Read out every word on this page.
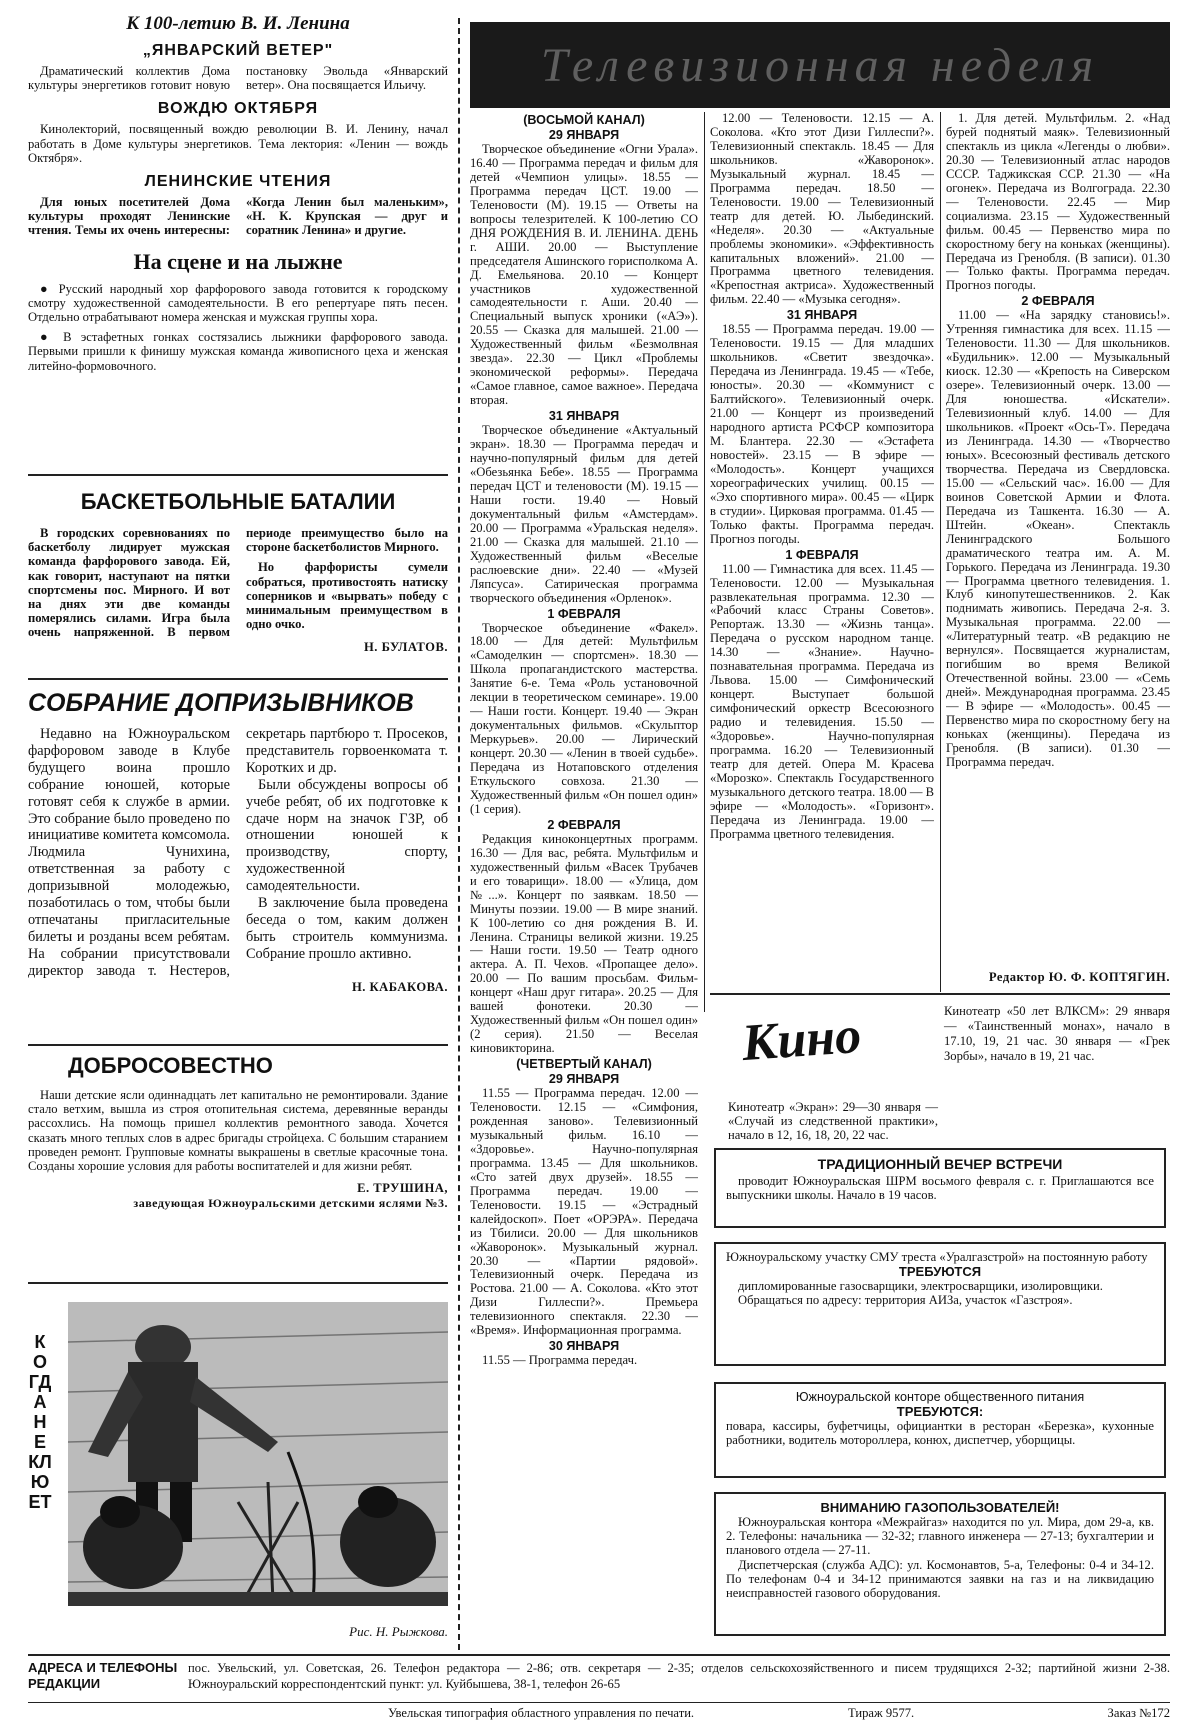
К 100-летию В. И. Ленина
„ЯНВАРСКИЙ ВЕТЕР"

Драматический коллектив Дома культуры энергетиков готовит новую постановку Эвольда «Январский ветер». Она посвящается Ильичу.

ВОЖДЮ ОКТЯБРЯ

Кинолекторий, посвященный вождю революции В. И. Ленину, начал работать в Доме культуры энергетиков. Тема лектория: «Ленин — вождь Октября».

ЛЕНИНСКИЕ ЧТЕНИЯ

Для юных посетителей Дома культуры проходят Ленинские чтения. Темы их очень интересны: «Когда Ленин был маленьким», «Н. К. Крупская — друг и соратник Ленина» и другие.

На сцене и на лыжне

● Русский народный хор фарфорового завода готовится к городскому смотру художественной самодеятельности. В его репертуаре пять песен. Отдельно отрабатывают номера женская и мужская группы хора.

● В эстафетных гонках состязались лыжники фарфорового завода. Первыми пришли к финишу мужская команда живописного цеха и женская литейно-формовочного.

БАСКЕТБОЛЬНЫЕ БАТАЛИИ

В городских соревнованиях по баскетболу лидирует мужская команда фарфорового завода. Ей, как говорит, наступают на пятки спортсмены пос. Мирного. И вот на днях эти две команды померялись силами. Игра была очень напряженной. В первом периоде преимущество было на стороне баскетболистов Мирного.

Но фарфористы сумели собраться, противостоять натиску соперников и «вырвать» победу с минимальным преимуществом в одно очко.

Н. БУЛАТОВ.

СОБРАНИЕ ДОПРИЗЫВНИКОВ

Недавно на Южноуральском фарфоровом заводе в Клубе будущего воина прошло собрание юношей, которые готовят себя к службе в армии. Это собрание было проведено по инициативе комитета комсомола. Людмила Чунихина, ответственная за работу с допризывной молодежью, позаботилась о том, чтобы были отпечатаны пригласительные билеты и розданы всем ребятам. На собрании присутствовали директор завода т. Нестеров, секретарь партбюро т. Просеков, представитель горвоенкомата т. Коротких и др.

Были обсуждены вопросы об учебе ребят, об их подготовке к сдаче норм на значок ГЗР, об отношении юношей к производству, спорту, художественной самодеятельности.

В заключение была проведена беседа о том, каким должен быть строитель коммунизма. Собрание прошло активно.

Н. КАБАКОВА.

ДОБРОСОВЕСТНО

Наши детские ясли одиннадцать лет капитально не ремонтировали. Здание стало ветхим, вышла из строя отопительная система, деревянные веранды рассохлись. На помощь пришел коллектив ремонтного завода. Хочется сказать много теплых слов в адрес бригады стройцеха. С большим старанием проведен ремонт. Групповые комнаты выкрашены в светлые красочные тона. Созданы хорошие условия для работы воспитателей и для жизни ребят.

Е. ТРУШИНА,

заведующая Южноуральскими детскими яслями №3.

КОГДА НЕ КЛЮЕТ
Рис. Н. Рыжкова.
Телевизионная неделя
(ВОСЬМОЙ КАНАЛ)
29 ЯНВАРЯ

Творческое объединение «Огни Урала». 16.40 — Программа передач и фильм для детей «Чемпион улицы». 18.55 — Программа передач ЦСТ. 19.00 — Теленовости (М). 19.15 — Ответы на вопросы телезрителей. К 100-летию СО ДНЯ РОЖДЕНИЯ В. И. ЛЕНИНА. ДЕНЬ г. АШИ. 20.00 — Выступление председателя Ашинского горисполкома А. Д. Емельянова. 20.10 — Концерт участников художественной самодеятельности г. Аши. 20.40 — Специальный выпуск хроники («АЭ»). 20.55 — Сказка для малышей. 21.00 — Художественный фильм «Безмолвная звезда». 22.30 — Цикл «Проблемы экономической реформы». Передача «Самое главное, самое важное». Передача вторая.

31 ЯНВАРЯ

Творческое объединение «Актуальный экран». 18.30 — Программа передач и научно-популярный фильм для детей «Обезьянка Бебе». 18.55 — Программа передач ЦСТ и теленовости (М). 19.15 — Наши гости. 19.40 — Новый документальный фильм «Амстердам». 20.00 — Программа «Уральская неделя». 21.00 — Сказка для малышей. 21.10 — Художественный фильм «Веселые раслюевские дни». 22.40 — «Музей Ляпсуса». Сатирическая программа творческого объединения «Орленок».

1 ФЕВРАЛЯ

Творческое объединение «Факел». 18.00 — Для детей: Мультфильм «Самоделкин — спортсмен». 18.30 — Школа пропагандистского мастерства. Занятие 6-е. Тема «Роль установочной лекции в теоретическом семинаре». 19.00 — Наши гости. Концерт. 19.40 — Экран документальных фильмов. «Скульптор Меркурьев». 20.00 — Лирический концерт. 20.30 — «Ленин в твоей судьбе». Передача из Нотаповского отделения Еткульского совхоза. 21.30 — Художественный фильм «Он пошел один» (1 серия).

2 ФЕВРАЛЯ

Редакция киноконцертных программ. 16.30 — Для вас, ребята. Мультфильм и художественный фильм «Васек Трубачев и его товарищи». 18.00 — «Улица, дом №...». Концерт по заявкам. 18.50 — Минуты поэзии. 19.00 — В мире знаний. К 100-летию со дня рождения В. И. Ленина. Страницы великой жизни. 19.25 — Наши гости. 19.50 — Театр одного актера. А. П. Чехов. «Пропащее дело». 20.00 — По вашим просьбам. Фильм-концерт «Наш друг гитара». 20.25 — Для вашей фонотеки. 20.30 — Художественный фильм «Он пошел один» (2 серия). 21.50 — Веселая киновикторина.

(ЧЕТВЕРТЫЙ КАНАЛ)
29 ЯНВАРЯ

11.55 — Программа передач. 12.00 — Теленовости. 12.15 — «Симфония, рожденная заново». Телевизионный музыкальный фильм. 16.10 — «Здоровье». Научно-популярная программа. 13.45 — Для школьников. «Сто затей двух друзей». 18.55 — Программа передач. 19.00 — Теленовости. 19.15 — «Эстрадный калейдоскоп». Поет «ОРЭРА». Передача из Тбилиси. 20.00 — Для школьников «Жаворонок». Музыкальный журнал. 20.30 — «Партии рядовой». Телевизионный очерк. Передача из Ростова. 21.00 — А. Соколова. «Кто этот Дизи Гиллеспи?». Премьера телевизионного спектакля. 22.30 — «Время». Информационная программа.

30 ЯНВАРЯ

11.55 — Программа передач.

12.00 — Теленовости. 12.15 — А. Соколова. «Кто этот Дизи Гиллеспи?». Телевизионный спектакль. 18.45 — Для школьников. «Жаворонок». Музыкальный журнал. 18.45 — Программа передач. 18.50 — Теленовости. 19.00 — Телевизионный театр для детей. Ю. Лыбединский. «Неделя». 20.30 — «Актуальные проблемы экономики». «Эффективность капитальных вложений». 21.00 — Программа цветного телевидения. «Крепостная актриса». Художественный фильм. 22.40 — «Музыка сегодня».

31 ЯНВАРЯ

18.55 — Программа передач. 19.00 — Теленовости. 19.15 — Для младших школьников. «Светит звездочка». Передача из Ленинграда. 19.45 — «Тебе, юносты». 20.30 — «Коммунист с Балтийского». Телевизионный очерк. 21.00 — Концерт из произведений народного артиста РСФСР композитора М. Блантера. 22.30 — «Эстафета новостей». 23.15 — В эфире — «Молодость». Концерт учащихся хореографических училищ. 00.15 — «Эхо спортивного мира». 00.45 — «Цирк в студии». Цирковая программа. 01.45 — Только факты. Программа передач. Прогноз погоды.

1 ФЕВРАЛЯ

11.00 — Гимнастика для всех. 11.45 — Теленовости. 12.00 — Музыкальная развлекательная программа. 12.30 — «Рабочий класс Страны Советов». Репортаж. 13.30 — «Жизнь танца». Передача о русском народном танце. 14.30 — «Знание». Научно-познавательная программа. Передача из Львова. 15.00 — Симфонический концерт. Выступает большой симфонический оркестр Всесоюзного радио и телевидения. 15.50 — «Здоровье». Научно-популярная программа. 16.20 — Телевизионный театр для детей. Опера М. Красева «Морозко». Спектакль Государственного музыкального детского театра. 18.00 — В эфире — «Молодость». «Горизонт». Передача из Ленинграда. 19.00 — Программа цветного телевидения.

1. Для детей. Мультфильм. 2. «Над бурей поднятый маяк». Телевизионный спектакль из цикла «Легенды о любви». 20.30 — Телевизионный атлас народов СССР. Таджикская ССР. 21.30 — «На огонек». Передача из Волгограда. 22.30 — Теленовости. 22.45 — Мир социализма. 23.15 — Художественный фильм. 00.45 — Первенство мира по скоростному бегу на коньках (женщины). Передача из Гренобля. (В записи). 01.30 — Только факты. Программа передач. Прогноз погоды.

2 ФЕВРАЛЯ

11.00 — «На зарядку становись!». Утренняя гимнастика для всех. 11.15 — Теленовости. 11.30 — Для школьников. «Будильник». 12.00 — Музыкальный киоск. 12.30 — «Крепость на Сиверском озере». Телевизионный очерк. 13.00 — Для юношества. «Искатели». Телевизионный клуб. 14.00 — Для школьников. «Проект «Ось-Т». Передача из Ленинграда. 14.30 — «Творчество юных». Всесоюзный фестиваль детского творчества. Передача из Свердловска. 15.00 — «Сельский час». 16.00 — Для воинов Советской Армии и Флота. Передача из Ташкента. 16.30 — А. Штейн. «Океан». Спектакль Ленинградского Большого драматического театра им. А. М. Горького. Передача из Ленинграда. 19.30 — Программа цветного телевидения. 1. Клуб кинопутешественников. 2. Как поднимать живопись. Передача 2-я. 3. Музыкальная программа. 22.00 — «Литературный театр. «В редакцию не вернулся». Посвящается журналистам, погибшим во время Великой Отечественной войны. 23.00 — «Семь дней». Международная программа. 23.45 — В эфире — «Молодость». 00.45 — Первенство мира по скоростному бегу на коньках (женщины). Передача из Гренобля. (В записи). 01.30 — Программа передач.

Редактор Ю. Ф. КОПТЯГИН.
Кино

Кинотеатр «Экран»: 29—30 января — «Случай из следственной практики», начало в 12, 16, 18, 20, 22 час.

Кинотеатр «50 лет ВЛКСМ»: 29 января — «Таинственный монах», начало в 17.10, 19, 21 час. 30 января — «Грек Зорбы», начало в 19, 21 час.

ТРАДИЦИОННЫЙ ВЕЧЕР ВСТРЕЧИ

проводит Южноуральская ШРМ восьмого февраля с. г. Приглашаются все выпускники школы. Начало в 19 часов.

Южноуральскому участку СМУ треста «Уралгазстрой» на постоянную работу

ТРЕБУЮТСЯ

дипломированные газосварщики, электросварщики, изолировщики.

Обращаться по адресу: территория АИЗа, участок «Газстроя».

Южноуральской конторе общественного питания

ТРЕБУЮТСЯ:

повара, кассиры, буфетчицы, официантки в ресторан «Березка», кухонные работники, водитель мотороллера, конюх, диспетчер, уборщицы.

ВНИМАНИЮ ГАЗОПОЛЬЗОВАТЕЛЕЙ!

Южноуральская контора «Межрайгаз» находится по ул. Мира, дом 29-а, кв. 2. Телефоны: начальника — 32-32; главного инженера — 27-13; бухгалтерии и планового отдела — 27-11.

Диспетчерская (служба АДС): ул. Космонавтов, 5-а, Телефоны: 0-4 и 34-12. По телефонам 0-4 и 34-12 принимаются заявки на газ и на ликвидацию неисправностей газового оборудования.

АДРЕСА И ТЕЛЕФОНЫ РЕДАКЦИИ
пос. Увельский, ул. Советская, 26. Телефон редактора — 2-86; отв. секретаря — 2-35; отделов сельскохозяйственного и писем трудящихся 2-32; партийной жизни 2-38. Южноуральский корреспондентский пункт: ул. Куйбышева, 38-1, телефон 26-65
Увельская типография областного управления по печати.	Тираж 9577.	Заказ №172
